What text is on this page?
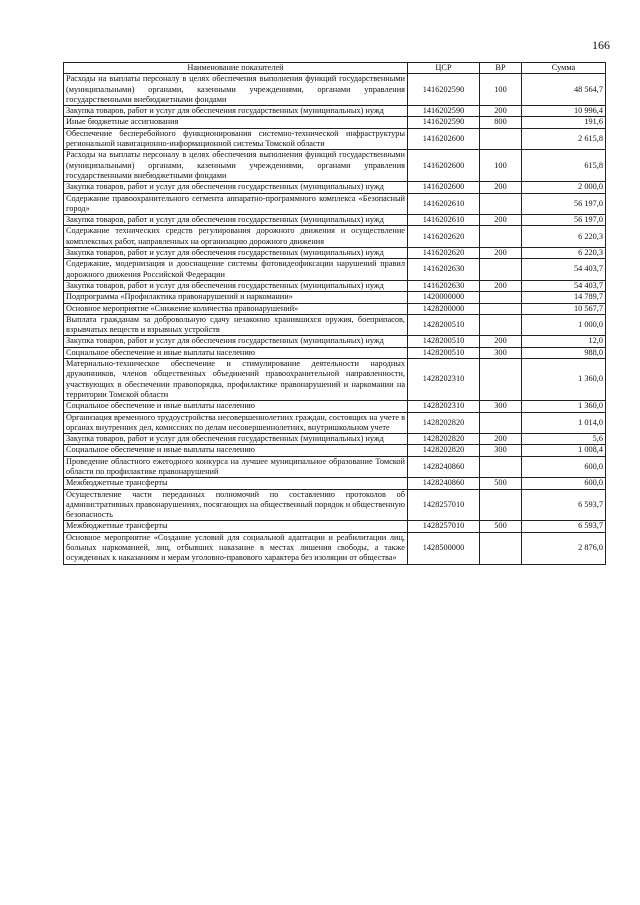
166
Наименование показателей	ЦСР	ВР	Сумма
Расходы на выплаты персоналу в целях обеспечения выполнения функций государственными (муниципальными) органами, казенными учреждениями, органами управления государственными внебюджетными фондами	1416202590	100	48 564,7
Закупка товаров, работ и услуг для обеспечения государственных (муниципальных) нужд	1416202590	200	10 996,4
Иные бюджетные ассигнования	1416202590	800	191,6
Обеспечение бесперебойного функционирования системно-технической инфраструктуры региональной навигационно-информационной системы Томской области	1416202600		2 615,8
Расходы на выплаты персоналу в целях обеспечения выполнения функций государственными (муниципальными) органами, казенными учреждениями, органами управления государственными внебюджетными фондами	1416202600	100	615,8
Закупка товаров, работ и услуг для обеспечения государственных (муниципальных) нужд	1416202600	200	2 000,0
Содержание правоохранительного сегмента аппаратно-программного комплекса «Безопасный город»	1416202610		56 197,0
Закупка товаров, работ и услуг для обеспечения государственных (муниципальных) нужд	1416202610	200	56 197,0
Содержание технических средств регулирования дорожного движения и осуществление комплексных работ, направленных на организацию дорожного движения	1416202620		6 220,3
Закупка товаров, работ и услуг для обеспечения государственных (муниципальных) нужд	1416202620	200	6 220,3
Содержание, модернизация и дооснащение системы фотовидеофиксации нарушений правил дорожного движения Российской Федерации	1416202630		54 403,7
Закупка товаров, работ и услуг для обеспечения государственных (муниципальных) нужд	1416202630	200	54 403,7
Подпрограмма «Профилактика правонарушений и наркомании»	1420000000		14 789,7
Основное мероприятие «Снижение количества правонарушений»	1428200000		10 567,7
Выплата гражданам за добровольную сдачу незаконно хранившихся оружия, боеприпасов, взрывчатых веществ и взрывных устройств	1428200510		1 000,0
Закупка товаров, работ и услуг для обеспечения государственных (муниципальных) нужд	1428200510	200	12,0
Социальное обеспечение и иные выплаты населению	1428200510	300	988,0
Материально-техническое обеспечение и стимулирование деятельности народных дружинников, членов общественных объединений правоохранительной направленности, участвующих в обеспечении правопорядка, профилактике правонарушений и наркомании на территории Томской области	1428202310		1 360,0
Социальное обеспечение и иные выплаты населению	1428202310	300	1 360,0
Организация временного трудоустройства несовершеннолетних граждан, состоящих на учете в органах внутренних дел, комиссиях по делам несовершеннолетних, внутришкольном учете	1428202820		1 014,0
Закупка товаров, работ и услуг для обеспечения государственных (муниципальных) нужд	1428202820	200	5,6
Социальное обеспечение и иные выплаты населению	1428202820	300	1 008,4
Проведение областного ежегодного конкурса на лучшее муниципальное образование Томской области по профилактике правонарушений	1428240860		600,0
Межбюджетные трансферты	1428240860	500	600,0
Осуществление части переданных полномочий по составлению протоколов об административных правонарушениях, посягающих на общественный порядок и общественную безопасность	1428257010		6 593,7
Межбюджетные трансферты	1428257010	500	6 593,7
Основное мероприятие «Создание условий для социальной адаптации и реабилитации лиц, больных наркоманией, лиц, отбывших наказание в местах лишения свободы, а также осужденных к наказаниям и мерам уголовно-правового характера без изоляции от общества»	1428500000		2 876,0
